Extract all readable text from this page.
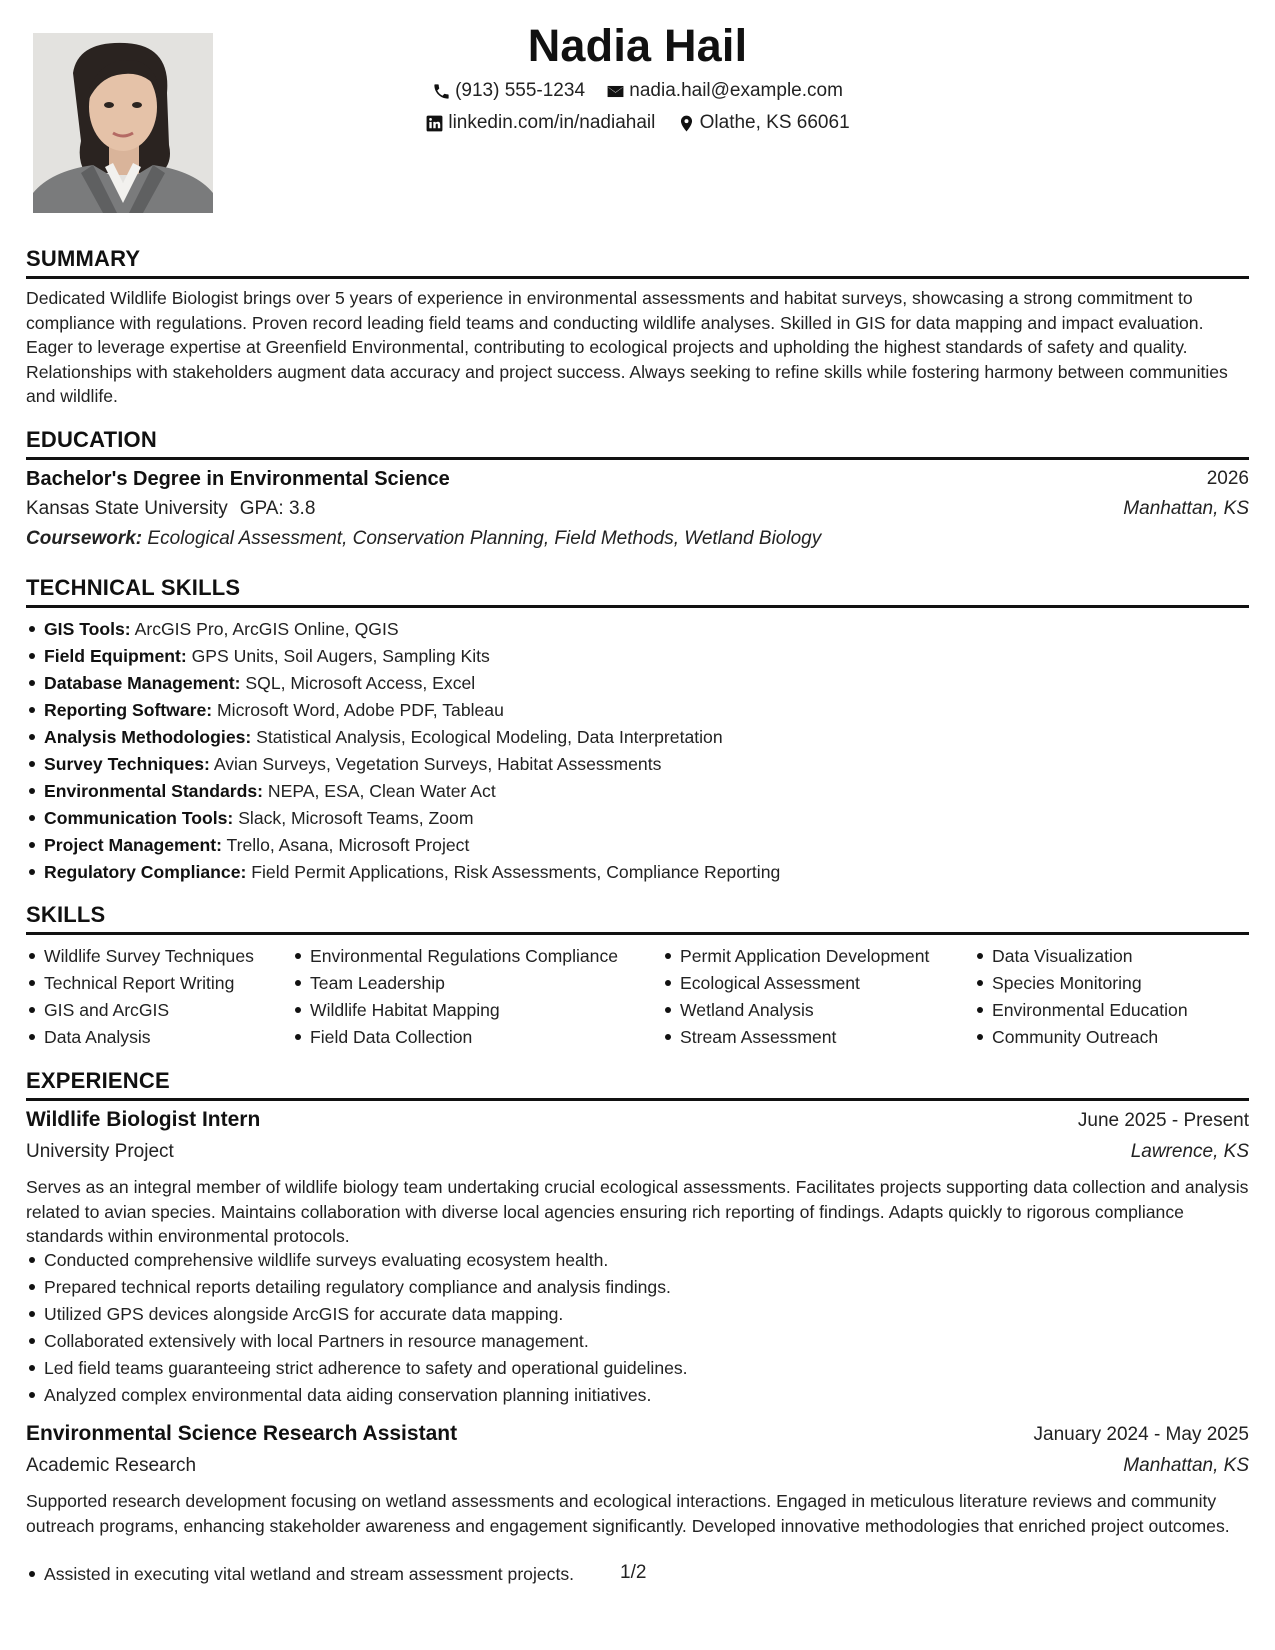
Nadia Hail
(913) 555-1234
nadia.hail@example.com
linkedin.com/in/nadiahail
Olathe, KS 66061
SUMMARY
Dedicated Wildlife Biologist brings over 5 years of experience in environmental assessments and habitat surveys, showcasing a strong commitment to compliance with regulations. Proven record leading field teams and conducting wildlife analyses. Skilled in GIS for data mapping and impact evaluation. Eager to leverage expertise at Greenfield Environmental, contributing to ecological projects and upholding the highest standards of safety and quality. Relationships with stakeholders augment data accuracy and project success. Always seeking to refine skills while fostering harmony between communities and wildlife.
EDUCATION
Bachelor's Degree in Environmental Science	2026
Kansas State University GPA: 3.8	Manhattan, KS
Coursework: Ecological Assessment, Conservation Planning, Field Methods, Wetland Biology
TECHNICAL SKILLS
GIS Tools: ArcGIS Pro, ArcGIS Online, QGIS
Field Equipment: GPS Units, Soil Augers, Sampling Kits
Database Management: SQL, Microsoft Access, Excel
Reporting Software: Microsoft Word, Adobe PDF, Tableau
Analysis Methodologies: Statistical Analysis, Ecological Modeling, Data Interpretation
Survey Techniques: Avian Surveys, Vegetation Surveys, Habitat Assessments
Environmental Standards: NEPA, ESA, Clean Water Act
Communication Tools: Slack, Microsoft Teams, Zoom
Project Management: Trello, Asana, Microsoft Project
Regulatory Compliance: Field Permit Applications, Risk Assessments, Compliance Reporting
SKILLS
Wildlife Survey Techniques
Technical Report Writing
GIS and ArcGIS
Data Analysis
Environmental Regulations Compliance
Team Leadership
Wildlife Habitat Mapping
Field Data Collection
Permit Application Development
Ecological Assessment
Wetland Analysis
Stream Assessment
Data Visualization
Species Monitoring
Environmental Education
Community Outreach
EXPERIENCE
Wildlife Biologist Intern	June 2025 - Present
University Project	Lawrence, KS
Serves as an integral member of wildlife biology team undertaking crucial ecological assessments. Facilitates projects supporting data collection and analysis related to avian species. Maintains collaboration with diverse local agencies ensuring rich reporting of findings. Adapts quickly to rigorous compliance standards within environmental protocols.
Conducted comprehensive wildlife surveys evaluating ecosystem health.
Prepared technical reports detailing regulatory compliance and analysis findings.
Utilized GPS devices alongside ArcGIS for accurate data mapping.
Collaborated extensively with local Partners in resource management.
Led field teams guaranteeing strict adherence to safety and operational guidelines.
Analyzed complex environmental data aiding conservation planning initiatives.
Environmental Science Research Assistant	January 2024 - May 2025
Academic Research	Manhattan, KS
Supported research development focusing on wetland assessments and ecological interactions. Engaged in meticulous literature reviews and community outreach programs, enhancing stakeholder awareness and engagement significantly. Developed innovative methodologies that enriched project outcomes.
Assisted in executing vital wetland and stream assessment projects. 1/2
